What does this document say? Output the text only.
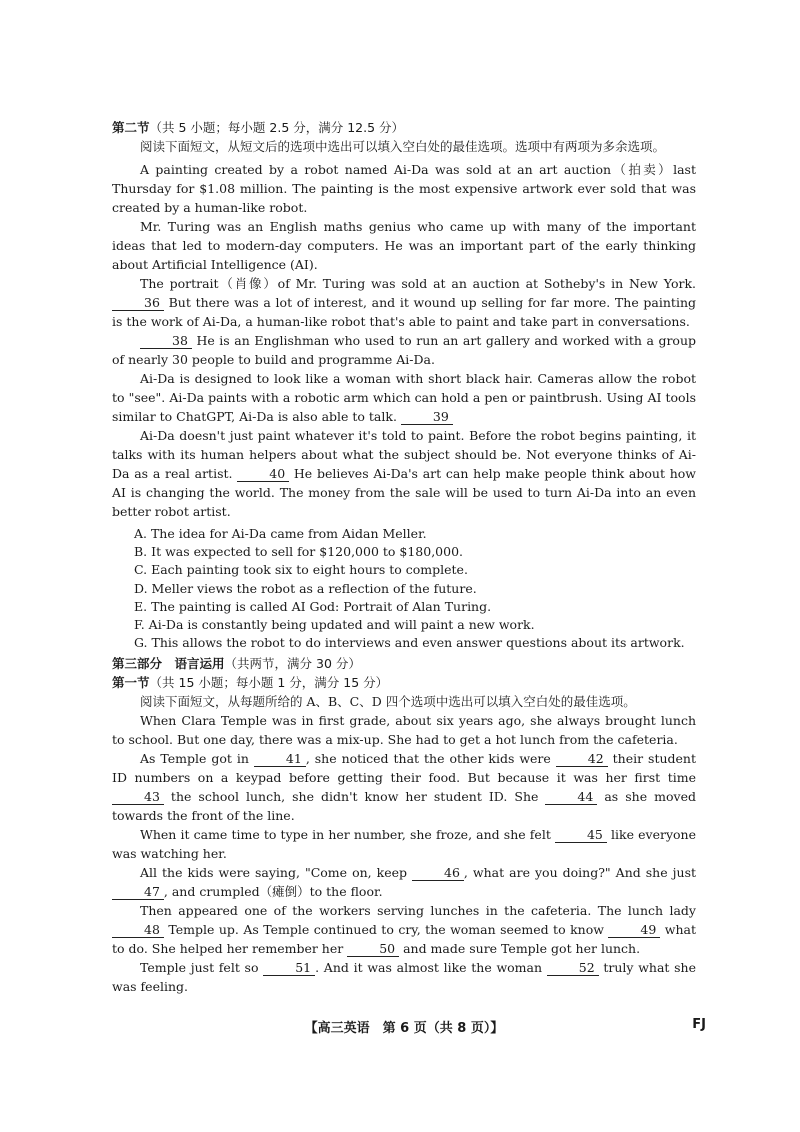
第二节（共 5 小题；每小题 2.5 分，满分 12.5 分）

阅读下面短文，从短文后的选项中选出可以填入空白处的最佳选项。选项中有两项为多余选项。

A painting created by a robot named Ai-Da was sold at an art auction（拍卖）last Thursday for $1.08 million. The painting is the most expensive artwork ever sold that was created by a human-like robot.

Mr. Turing was an English maths genius who came up with many of the important ideas that led to modern-day computers. He was an important part of the early thinking about Artificial Intelligence (AI).

The portrait（肖像）of Mr. Turing was sold at an auction at Sotheby's in New York. 36 But there was a lot of interest, and it wound up selling for far more. The painting is the work of Ai-Da, a human-like robot that's able to paint and take part in conversations.

38 He is an Englishman who used to run an art gallery and worked with a group of nearly 30 people to build and programme Ai-Da.

Ai-Da is designed to look like a woman with short black hair. Cameras allow the robot to "see". Ai-Da paints with a robotic arm which can hold a pen or paintbrush. Using AI tools similar to ChatGPT, Ai-Da is also able to talk.	39

Ai-Da doesn't just paint whatever it's told to paint. Before the robot begins painting, it talks with its human helpers about what the subject should be. Not everyone thinks of Ai-Da as a real artist.	40 He believes Ai-Da's art can help make people think about how AI is changing the world. The money from the sale will be used to turn Ai-Da into an even better robot artist.

A. The idea for Ai-Da came from Aidan Meller.

B. It was expected to sell for $120,000 to $180,000.

C. Each painting took six to eight hours to complete.

D. Meller views the robot as a reflection of the future.

E. The painting is called AI God: Portrait of Alan Turing.

F. Ai-Da is constantly being updated and will paint a new work.

G. This allows the robot to do interviews and even answer questions about its artwork.

第三部分　语言运用（共两节，满分 30 分）

第一节（共 15 小题；每小题 1 分，满分 15 分）

阅读下面短文，从每题所给的 A、B、C、D 四个选项中选出可以填入空白处的最佳选项。

When Clara Temple was in first grade, about six years ago, she always brought lunch to school. But one day, there was a mix-up. She had to get a hot lunch from the cafeteria.

As Temple got in	41 , she noticed that the other kids were	42 their student ID numbers on a keypad before getting their food. But because it was her first time 43 the school lunch, she didn't know her student ID. She	44 as she moved towards the front of the line.

When it came time to type in her number, she froze, and she felt	45 like everyone was watching her.

All the kids were saying, "Come on, keep	46 , what are you doing?" And she just 47 , and crumpled（瘫倒）to the floor.

Then appeared one of the workers serving lunches in the cafeteria. The lunch lady 48 Temple up. As Temple continued to cry, the woman seemed to know	49 what to do. She helped her remember her	50 and made sure Temple got her lunch.

Temple just felt so	51 . And it was almost like the woman	52 truly what she was feeling.

【高三英语　第 6 页（共 8 页）】	FJ
